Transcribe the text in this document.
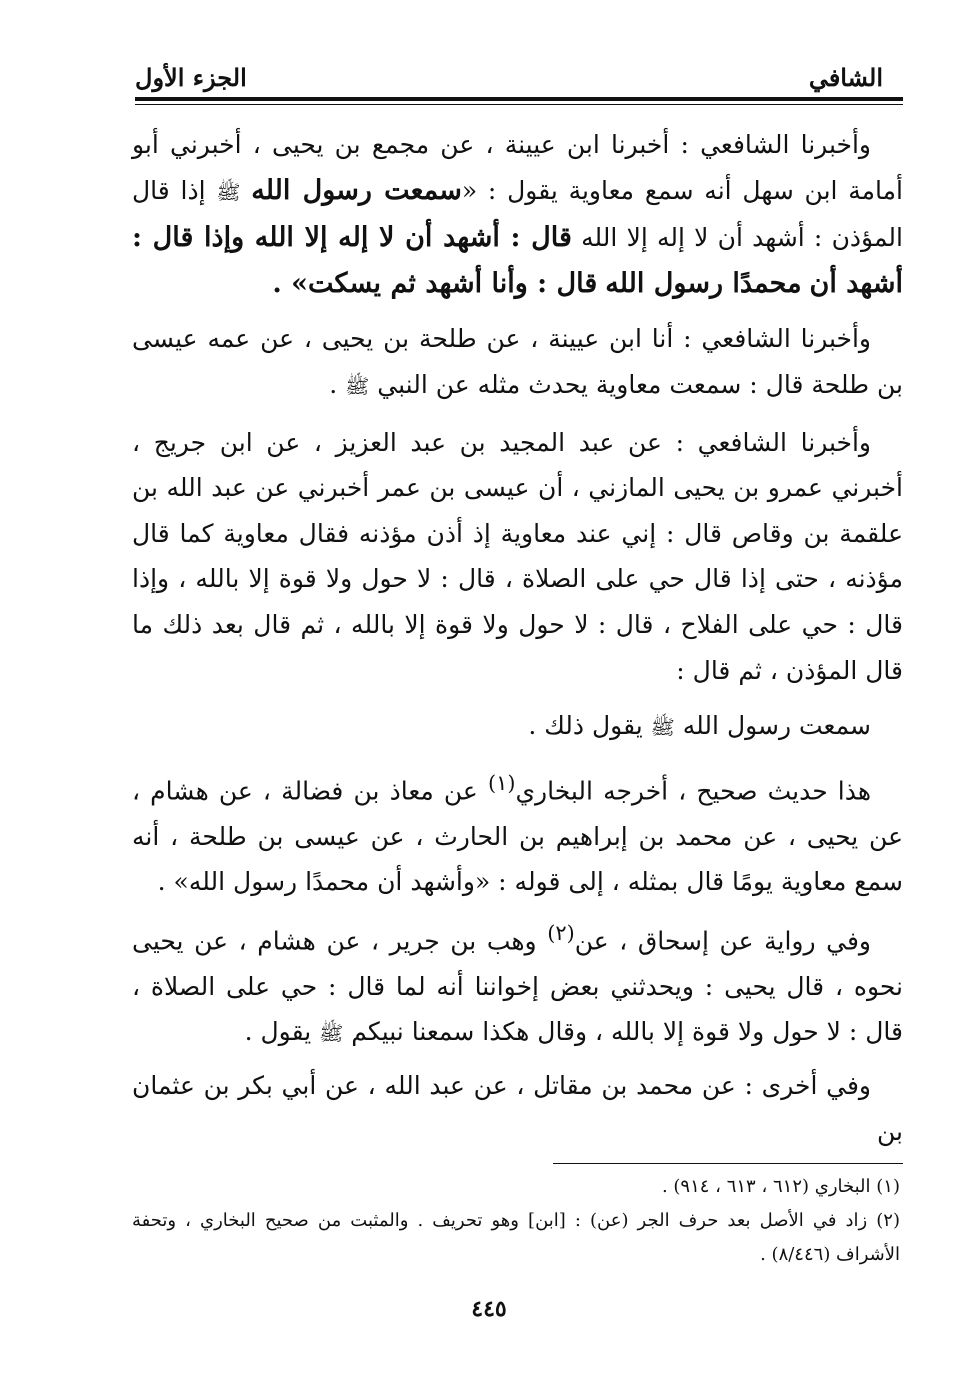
الشافي
الجزء الأول

وأخبرنا الشافعي : أخبرنا ابن عيينة ، عن مجمع بن يحيى ، أخبرني أبو أمامة ابن سهل أنه سمع معاوية يقول : «سمعت رسول الله ﷺ إذا قال المؤذن : أشهد أن لا إله إلا الله قال : أشهد أن لا إله إلا الله وإذا قال : أشهد أن محمدًا رسول الله قال : وأنا أشهد ثم يسكت» .

وأخبرنا الشافعي : أنا ابن عيينة ، عن طلحة بن يحيى ، عن عمه عيسى بن طلحة قال : سمعت معاوية يحدث مثله عن النبي ﷺ .

وأخبرنا الشافعي : عن عبد المجيد بن عبد العزيز ، عن ابن جريج ، أخبرني عمرو بن يحيى المازني ، أن عيسى بن عمر أخبرني عن عبد الله بن علقمة بن وقاص قال : إني عند معاوية إذ أذن مؤذنه فقال معاوية كما قال مؤذنه ، حتى إذا قال حي على الصلاة ، قال : لا حول ولا قوة إلا بالله ، وإذا قال : حي على الفلاح ، قال : لا حول ولا قوة إلا بالله ، ثم قال بعد ذلك ما قال المؤذن ، ثم قال :

سمعت رسول الله ﷺ يقول ذلك .

هذا حديث صحيح ، أخرجه البخاري$^{(١)}$ عن معاذ بن فضالة ، عن هشام ، عن يحيى ، عن محمد بن إبراهيم بن الحارث ، عن عيسى بن طلحة ، أنه سمع معاوية يومًا قال بمثله ، إلى قوله : «وأشهد أن محمدًا رسول الله» .

وفي رواية عن إسحاق ، عن$^{(٢)}$ وهب بن جرير ، عن هشام ، عن يحيى نحوه ، قال يحيى : ويحدثني بعض إخواننا أنه لما قال : حي على الصلاة ، قال : لا حول ولا قوة إلا بالله ، وقال هكذا سمعنا نبيكم ﷺ يقول .

وفي أخرى : عن محمد بن مقاتل ، عن عبد الله ، عن أبي بكر بن عثمان بن

(١) البخاري (٦١٢ ، ٦١٣ ، ٩١٤) .

(٢) زاد في الأصل بعد حرف الجر (عن) : [ابن] وهو تحريف . والمثبت من صحيح البخاري ، وتحفة الأشراف (٨/٤٤٦) .

٤٤٥
